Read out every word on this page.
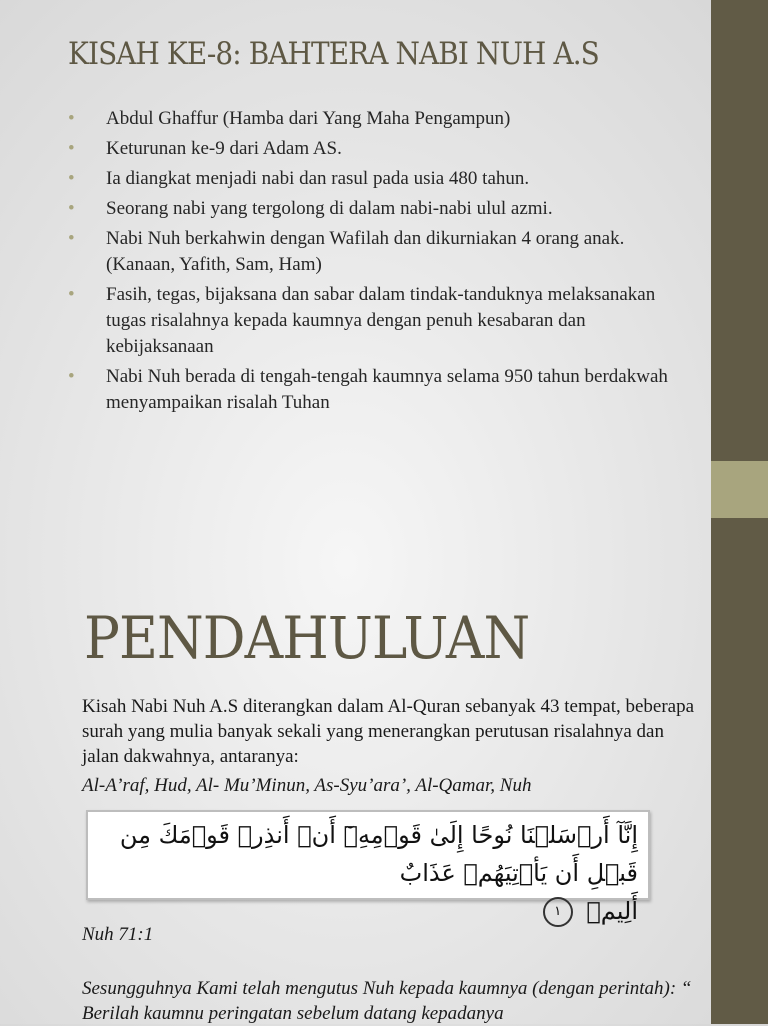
KISAH KE-8: BAHTERA NABI NUH A.S
• Abdul Ghaffur (Hamba dari Yang Maha Pengampun)
• Keturunan ke-9 dari Adam AS.
• Ia diangkat menjadi nabi dan rasul pada usia 480 tahun.
• Seorang nabi yang tergolong di dalam nabi-nabi ulul azmi.
• Nabi Nuh berkahwin dengan Wafilah dan dikurniakan 4 orang anak.
(Kanaan, Yafith, Sam, Ham)
• Fasih, tegas, bijaksana dan sabar dalam tindak-tanduknya melaksanakan tugas risalahnya kepada kaumnya dengan penuh kesabaran dan kebijaksanaan
• Nabi Nuh berada di tengah-tengah kaumnya selama 950 tahun berdakwah menyampaikan risalah Tuhan
PENDAHULUAN
Kisah Nabi Nuh A.S diterangkan dalam Al-Quran sebanyak 43 tempat, beberapa surah yang mulia banyak sekali yang menerangkan perutusan risalahnya dan jalan dakwahnya, antaranya:
Al-A’raf, Hud, Al- Mu’Minun, As-Syu’ara’, Al-Qamar, Nuh
إِنَّآ أَرۡسَلۡنَا نُوحًا إِلَىٰ قَوۡمِهِۦٓ أَنۡ أَنذِرۡ قَوۡمَكَ مِن قَبۡلِ أَن يَأۡتِيَهُمۡ عَذَابٌ
أَلِيمٞ ١
Nuh 71:1
Sesungguhnya Kami telah mengutus Nuh kepada kaumnya (dengan perintah): “ Berilah kaumnu peringatan sebelum datang kepadanya
